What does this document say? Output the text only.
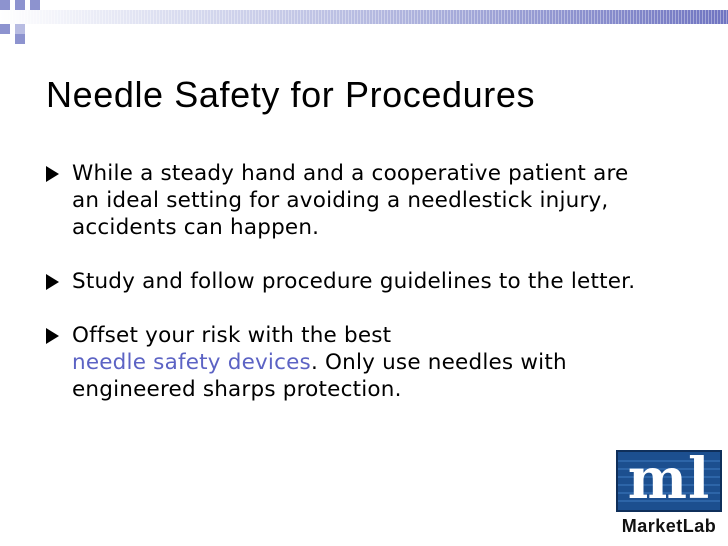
Needle Safety for Procedures
While a steady hand and a cooperative patient are an ideal setting for avoiding a needlestick injury, accidents can happen.
Study and follow procedure guidelines to the letter.
Offset your risk with the best
needle safety devices. Only use needles with engineered sharps protection.
ml
MarketLab
